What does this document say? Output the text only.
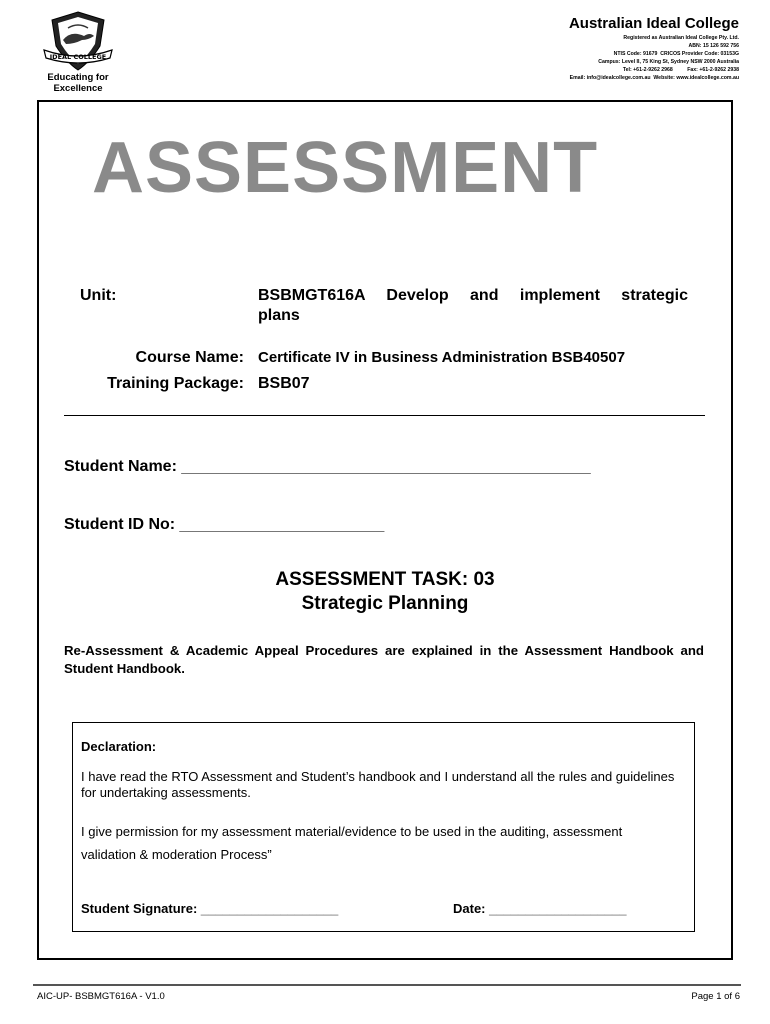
IDEAL COLLEGE
Educating for Excellence
Australian Ideal College
Registered as Australian Ideal College Pty. Ltd.
ABN: 15 126 592 756
NTIS Code: 91679  CRICOS Provider Code: 03153G
Campus: Level II, 75 King St, Sydney NSW 2000 Australia
Tel: +61-2-9262 2968          Fax: +61-2-9262 2938
Email: info@idealcollege.com.au  Website: www.idealcollege.com.au
ASSESSMENT
Unit:	BSBMGT616A Develop and implement strategic
plans
Course Name: Certificate IV in Business Administration BSB40507
Training Package: BSB07
Student Name: ______________________________________________
Student ID No: _______________________
ASSESSMENT TASK: 03
Strategic Planning
Re-Assessment & Academic Appeal Procedures are explained in the Assessment Handbook and Student Handbook.
Declaration:
I have read the RTO Assessment and Student’s handbook and I understand all the rules and guidelines for undertaking assessments.
I give permission for my assessment material/evidence to be used in the auditing, assessment
validation & moderation Process”
Student Signature: ___________________	Date: ___________________
AIC-UP- BSBMGT616A - V1.0	Page 1 of 6
